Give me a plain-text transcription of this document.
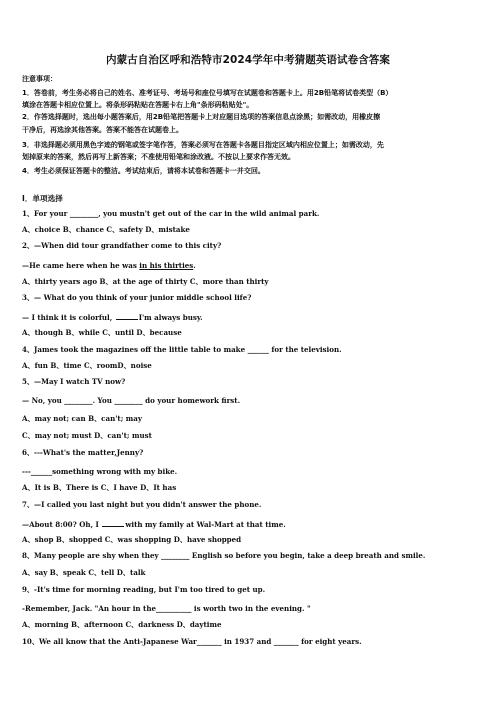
内蒙古自治区呼和浩特市2024学年中考猜题英语试卷含答案
注意事项：
1．答卷前，考生务必将自己的姓名、准考证号、考场号和座位号填写在试题卷和答题卡上。用2B铅笔将试卷类型（B）
填涂在答题卡相应位置上。将条形码粘贴在答题卡右上角"条形码粘贴处"。
2．作答选择题时，选出每小题答案后，用2B铅笔把答题卡上对应题目选项的答案信息点涂黑；如需改动，用橡皮擦
干净后，再选涂其他答案。答案不能答在试题卷上。
3．非选择题必须用黑色字迹的钢笔或签字笔作答，答案必须写在答题卡各题目指定区域内相应位置上；如需改动，先
划掉原来的答案，然后再写上新答案；不准使用铅笔和涂改液。不按以上要求作答无效。
4．考生必须保证答题卡的整洁。考试结束后，请将本试卷和答题卡一并交回。
Ⅰ．单项选择
1、For your ________, you mustn't get out of the car in the wild animal park.
A、choice B、chance C、safety D、mistake
2、—When did tour grandfather come to this city?
—He came here when he was in his thirties.
A、thirty years ago B、at the age of thirty C、more than thirty
3、— What do you think of your junior middle school life?
— I think it is colorful,	I'm always busy.
A、though B、while C、until D、because
4、James took the magazines off the little table to make ______ for the television.
A、fun B、time C、roomD、noise
5、—May I watch TV now?
— No, you ________. You ________ do your homework first.
A、may not; can B、can't; may
C、may not; must D、can't; must
6、---What's the matter,Jenny?
---______something wrong with my bike.
A、It is B、There is C、I have D、It has
7、—I called you last night but you didn't answer the phone.
—About 8:00? Oh, I	with my family at Wal-Mart at that time.
A、shop B、shopped C、was shopping D、have shopped
8、Many people are shy when they ________ English so before you begin, take a deep breath and smile.
A、say B、speak C、tell D、talk
9、-It's time for morning reading, but I'm too tired to get up.
-Remember, Jack. "An hour in the__________ is worth two in the evening. "
A、morning B、afternoon C、darkness D、daytime
10、We all know that the Anti-Japanese War_______ in 1937 and _______ for eight years.
